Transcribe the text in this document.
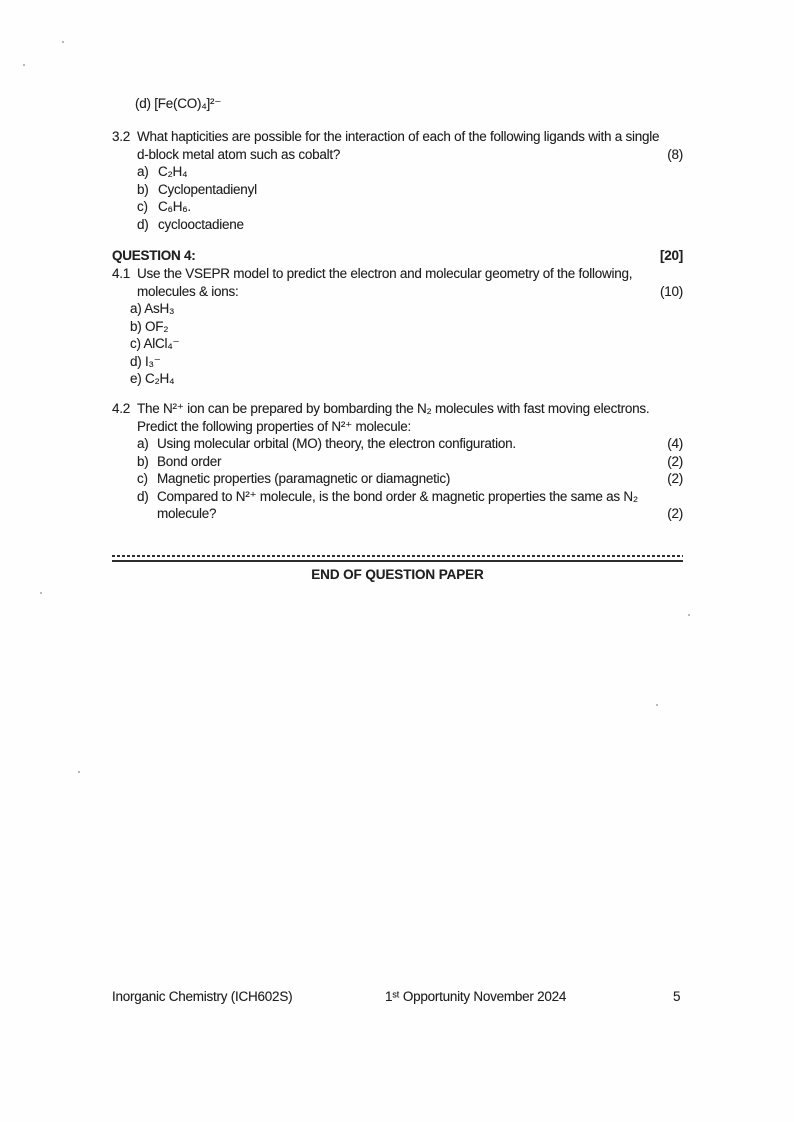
(d) [Fe(CO)₄]²⁻
3.2 What hapticities are possible for the interaction of each of the following ligands with a single
d-block metal atom such as cobalt?	(8)
a) C₂H₄
b) Cyclopentadienyl
c) C₆H₆.
d) cyclooctadiene
QUESTION 4:	[20]
4.1 Use the VSEPR model to predict the electron and molecular geometry of the following,
molecules & ions:	(10)
a) AsH₃
b) OF₂
c) AlCl₄⁻
d) I₃⁻
e) C₂H₄
4.2 The N²⁺ ion can be prepared by bombarding the N₂ molecules with fast moving electrons.
Predict the following properties of N²⁺ molecule:
a) Using molecular orbital (MO) theory, the electron configuration.	(4)
b) Bond order	(2)
c) Magnetic properties (paramagnetic or diamagnetic)	(2)
d) Compared to N²⁺ molecule, is the bond order & magnetic properties the same as N₂
molecule?	(2)
END OF QUESTION PAPER
Inorganic Chemistry (ICH602S)	1ˢᵗ Opportunity November 2024	5
